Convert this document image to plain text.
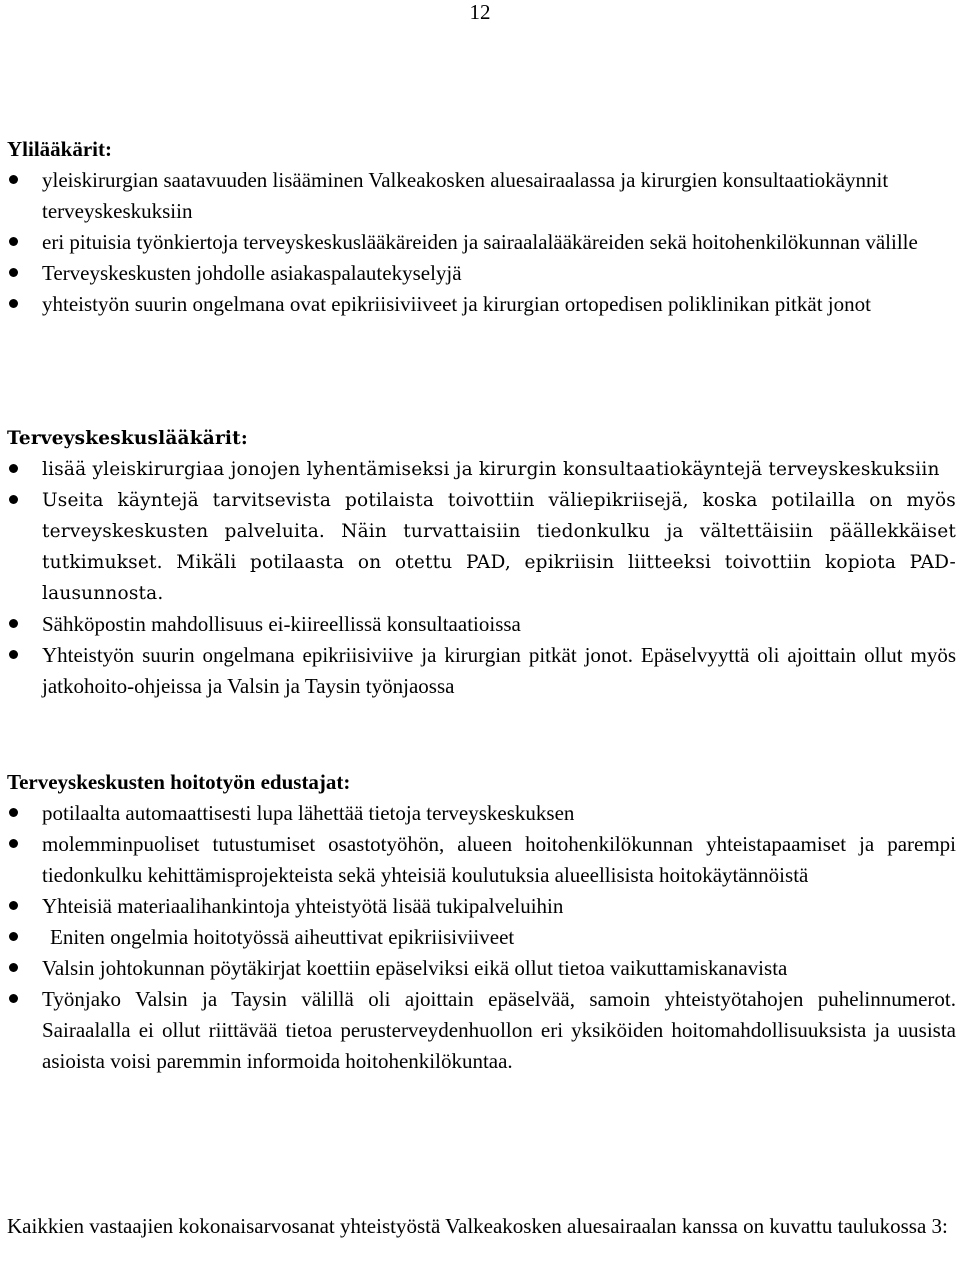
12
Ylilääkärit:
yleiskirurgian saatavuuden lisääminen Valkeakosken aluesairaalassa ja kirurgien konsultaatiokäynnit terveyskeskuksiin
eri pituisia työnkiertoja terveyskeskuslääkäreiden ja sairaalalääkäreiden sekä hoitohenkilökunnan välille
Terveyskeskusten johdolle asiakaspalautekyselyjä
yhteistyön suurin ongelmana ovat epikriisiviiveet ja kirurgian ortopedisen poliklinikan pitkät jonot
Terveyskeskuslääkärit:
lisää yleiskirurgiaa jonojen lyhentämiseksi ja kirurgin konsultaatiokäyntejä terveyskeskuksiin
Useita käyntejä tarvitsevista potilaista toivottiin väliepikriisejä, koska potilailla on myös terveyskeskusten palveluita. Näin turvattaisiin tiedonkulku ja vältettäisiin päällekkäiset tutkimukset. Mikäli potilaasta on otettu PAD, epikriisin liitteeksi toivottiin kopiota PAD- lausunnosta.
Sähköpostin mahdollisuus ei-kiireellissä konsultaatioissa
Yhteistyön suurin ongelmana epikriisiviive ja kirurgian pitkät jonot. Epäselvyyttä oli ajoittain ollut myös jatkohoito-ohjeissa ja Valsin ja Taysin työnjaossa
Terveyskeskusten hoitotyön edustajat:
potilaalta automaattisesti lupa lähettää tietoja terveyskeskuksen
molemminpuoliset tutustumiset osastotyöhön, alueen hoitohenkilökunnan yhteistapaamiset ja parempi tiedonkulku kehittämisprojekteista sekä yhteisiä koulutuksia alueellisista hoitokäytännöistä
Yhteisiä materiaalihankintoja yhteistyötä lisää tukipalveluihin
Eniten ongelmia hoitotyössä aiheuttivat epikriisiviiveet
Valsin johtokunnan pöytäkirjat koettiin epäselviksi eikä ollut tietoa vaikuttamiskanavista
Työnjako Valsin ja Taysin välillä oli ajoittain epäselvää, samoin yhteistyötahojen puhelinnumerot. Sairaalalla ei ollut riittävää tietoa perusterveydenhuollon eri yksiköiden hoitomahdollisuuksista ja uusista asioista voisi paremmin informoida hoitohenkilökuntaa.

Kaikkien vastaajien kokonaisarvosanat yhteistyöstä Valkeakosken aluesairaalan kanssa on kuvattu taulukossa 3:
